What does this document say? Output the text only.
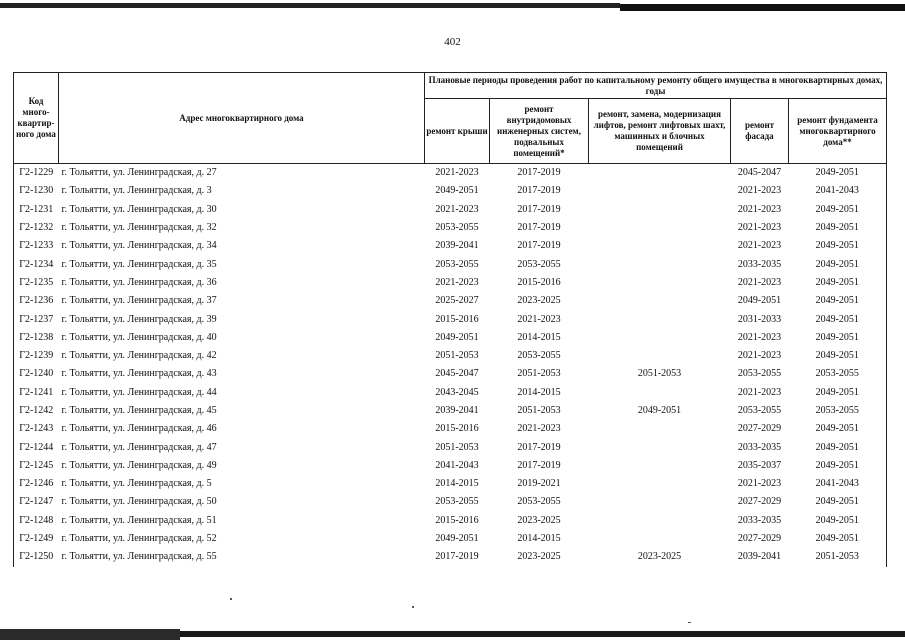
402
Код много-квартир-ного дома	Адрес многоквартирного дома	Плановые периоды проведения работ по капитальному ремонту общего имущества в многоквартирных домах, годы				
		ремонт крыши	ремонт внутридомовых инженерных систем, подвальных помещений*	ремонт, замена, модернизация лифтов, ремонт лифтовых шахт, машинных и блочных помещений	ремонт фасада	ремонт фундамента многоквартирного дома**
Г2-1229	г. Тольятти, ул. Ленинградская, д. 27	2021-2023	2017-2019		2045-2047	2049-2051
Г2-1230	г. Тольятти, ул. Ленинградская, д. 3	2049-2051	2017-2019		2021-2023	2041-2043
Г2-1231	г. Тольятти, ул. Ленинградская, д. 30	2021-2023	2017-2019		2021-2023	2049-2051
Г2-1232	г. Тольятти, ул. Ленинградская, д. 32	2053-2055	2017-2019		2021-2023	2049-2051
Г2-1233	г. Тольятти, ул. Ленинградская, д. 34	2039-2041	2017-2019		2021-2023	2049-2051
Г2-1234	г. Тольятти, ул. Ленинградская, д. 35	2053-2055	2053-2055		2033-2035	2049-2051
Г2-1235	г. Тольятти, ул. Ленинградская, д. 36	2021-2023	2015-2016		2021-2023	2049-2051
Г2-1236	г. Тольятти, ул. Ленинградская, д. 37	2025-2027	2023-2025		2049-2051	2049-2051
Г2-1237	г. Тольятти, ул. Ленинградская, д. 39	2015-2016	2021-2023		2031-2033	2049-2051
Г2-1238	г. Тольятти, ул. Ленинградская, д. 40	2049-2051	2014-2015		2021-2023	2049-2051
Г2-1239	г. Тольятти, ул. Ленинградская, д. 42	2051-2053	2053-2055		2021-2023	2049-2051
Г2-1240	г. Тольятти, ул. Ленинградская, д. 43	2045-2047	2051-2053	2051-2053	2053-2055	2053-2055
Г2-1241	г. Тольятти, ул. Ленинградская, д. 44	2043-2045	2014-2015		2021-2023	2049-2051
Г2-1242	г. Тольятти, ул. Ленинградская, д. 45	2039-2041	2051-2053	2049-2051	2053-2055	2053-2055
Г2-1243	г. Тольятти, ул. Ленинградская, д. 46	2015-2016	2021-2023		2027-2029	2049-2051
Г2-1244	г. Тольятти, ул. Ленинградская, д. 47	2051-2053	2017-2019		2033-2035	2049-2051
Г2-1245	г. Тольятти, ул. Ленинградская, д. 49	2041-2043	2017-2019		2035-2037	2049-2051
Г2-1246	г. Тольятти, ул. Ленинградская, д. 5	2014-2015	2019-2021		2021-2023	2041-2043
Г2-1247	г. Тольятти, ул. Ленинградская, д. 50	2053-2055	2053-2055		2027-2029	2049-2051
Г2-1248	г. Тольятти, ул. Ленинградская, д. 51	2015-2016	2023-2025		2033-2035	2049-2051
Г2-1249	г. Тольятти, ул. Ленинградская, д. 52	2049-2051	2014-2015		2027-2029	2049-2051
Г2-1250	г. Тольятти, ул. Ленинградская, д. 55	2017-2019	2023-2025	2023-2025	2039-2041	2051-2053
